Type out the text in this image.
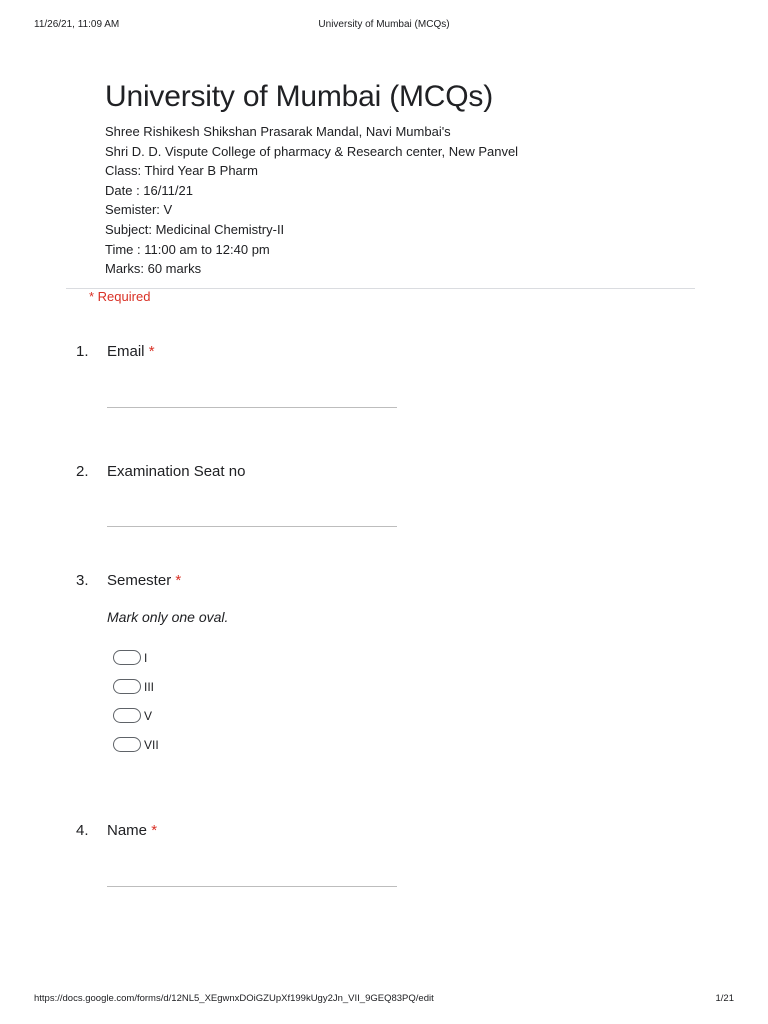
11/26/21, 11:09 AM	University of Mumbai (MCQs)
University of Mumbai (MCQs)
Shree Rishikesh Shikshan Prasarak Mandal, Navi Mumbai's
Shri D. D. Vispute College of pharmacy & Research center, New Panvel
Class: Third Year B Pharm
Date : 16/11/21
Semister: V
Subject: Medicinal Chemistry-II
Time : 11:00 am to 12:40 pm
Marks: 60 marks
* Required
1. Email *
2. Examination Seat no
3. Semester *
Mark only one oval.
I
III
V
VII
4. Name *
https://docs.google.com/forms/d/12NL5_XEgwnxDOiGZUpXf199kUgy2Jn_VII_9GEQ83PQ/edit	1/21
